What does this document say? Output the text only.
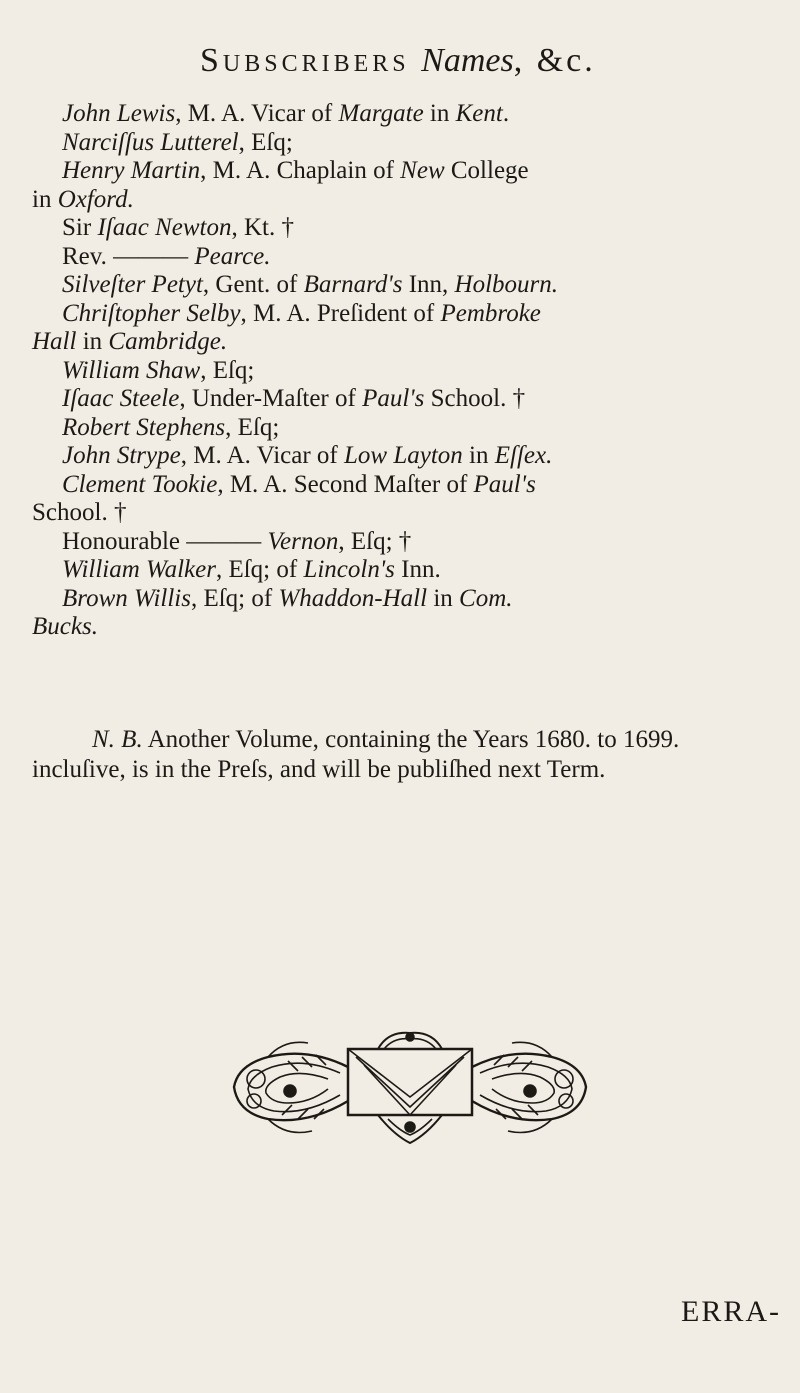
Subscribers Names, &c.
John Lewis, M. A. Vicar of Margate in Kent.
Narciſſus Lutterel, Eſq;
Henry Martin, M. A. Chaplain of New College
in Oxford.
Sir Iſaac Newton, Kt. †
Rev. ——— Pearce.
Silveſter Petyt, Gent. of Barnard's Inn, Holbourn.
Chriſtopher Selby, M. A. Preſident of Pembroke
Hall in Cambridge.
William Shaw, Eſq;
Iſaac Steele, Under-Maſter of Paul's School. †
Robert Stephens, Eſq;
John Strype, M. A. Vicar of Low Layton in Eſſex.
Clement Tookie, M. A. Second Maſter of Paul's
School. †
Honourable ——— Vernon, Eſq; †
William Walker, Eſq; of Lincoln's Inn.
Brown Willis, Eſq; of Whaddon-Hall in Com.
Bucks.
N. B. Another Volume, containing the Years 1680. to 1699. incluſive, is in the Preſs, and will be publiſhed next Term.
ERRA-
